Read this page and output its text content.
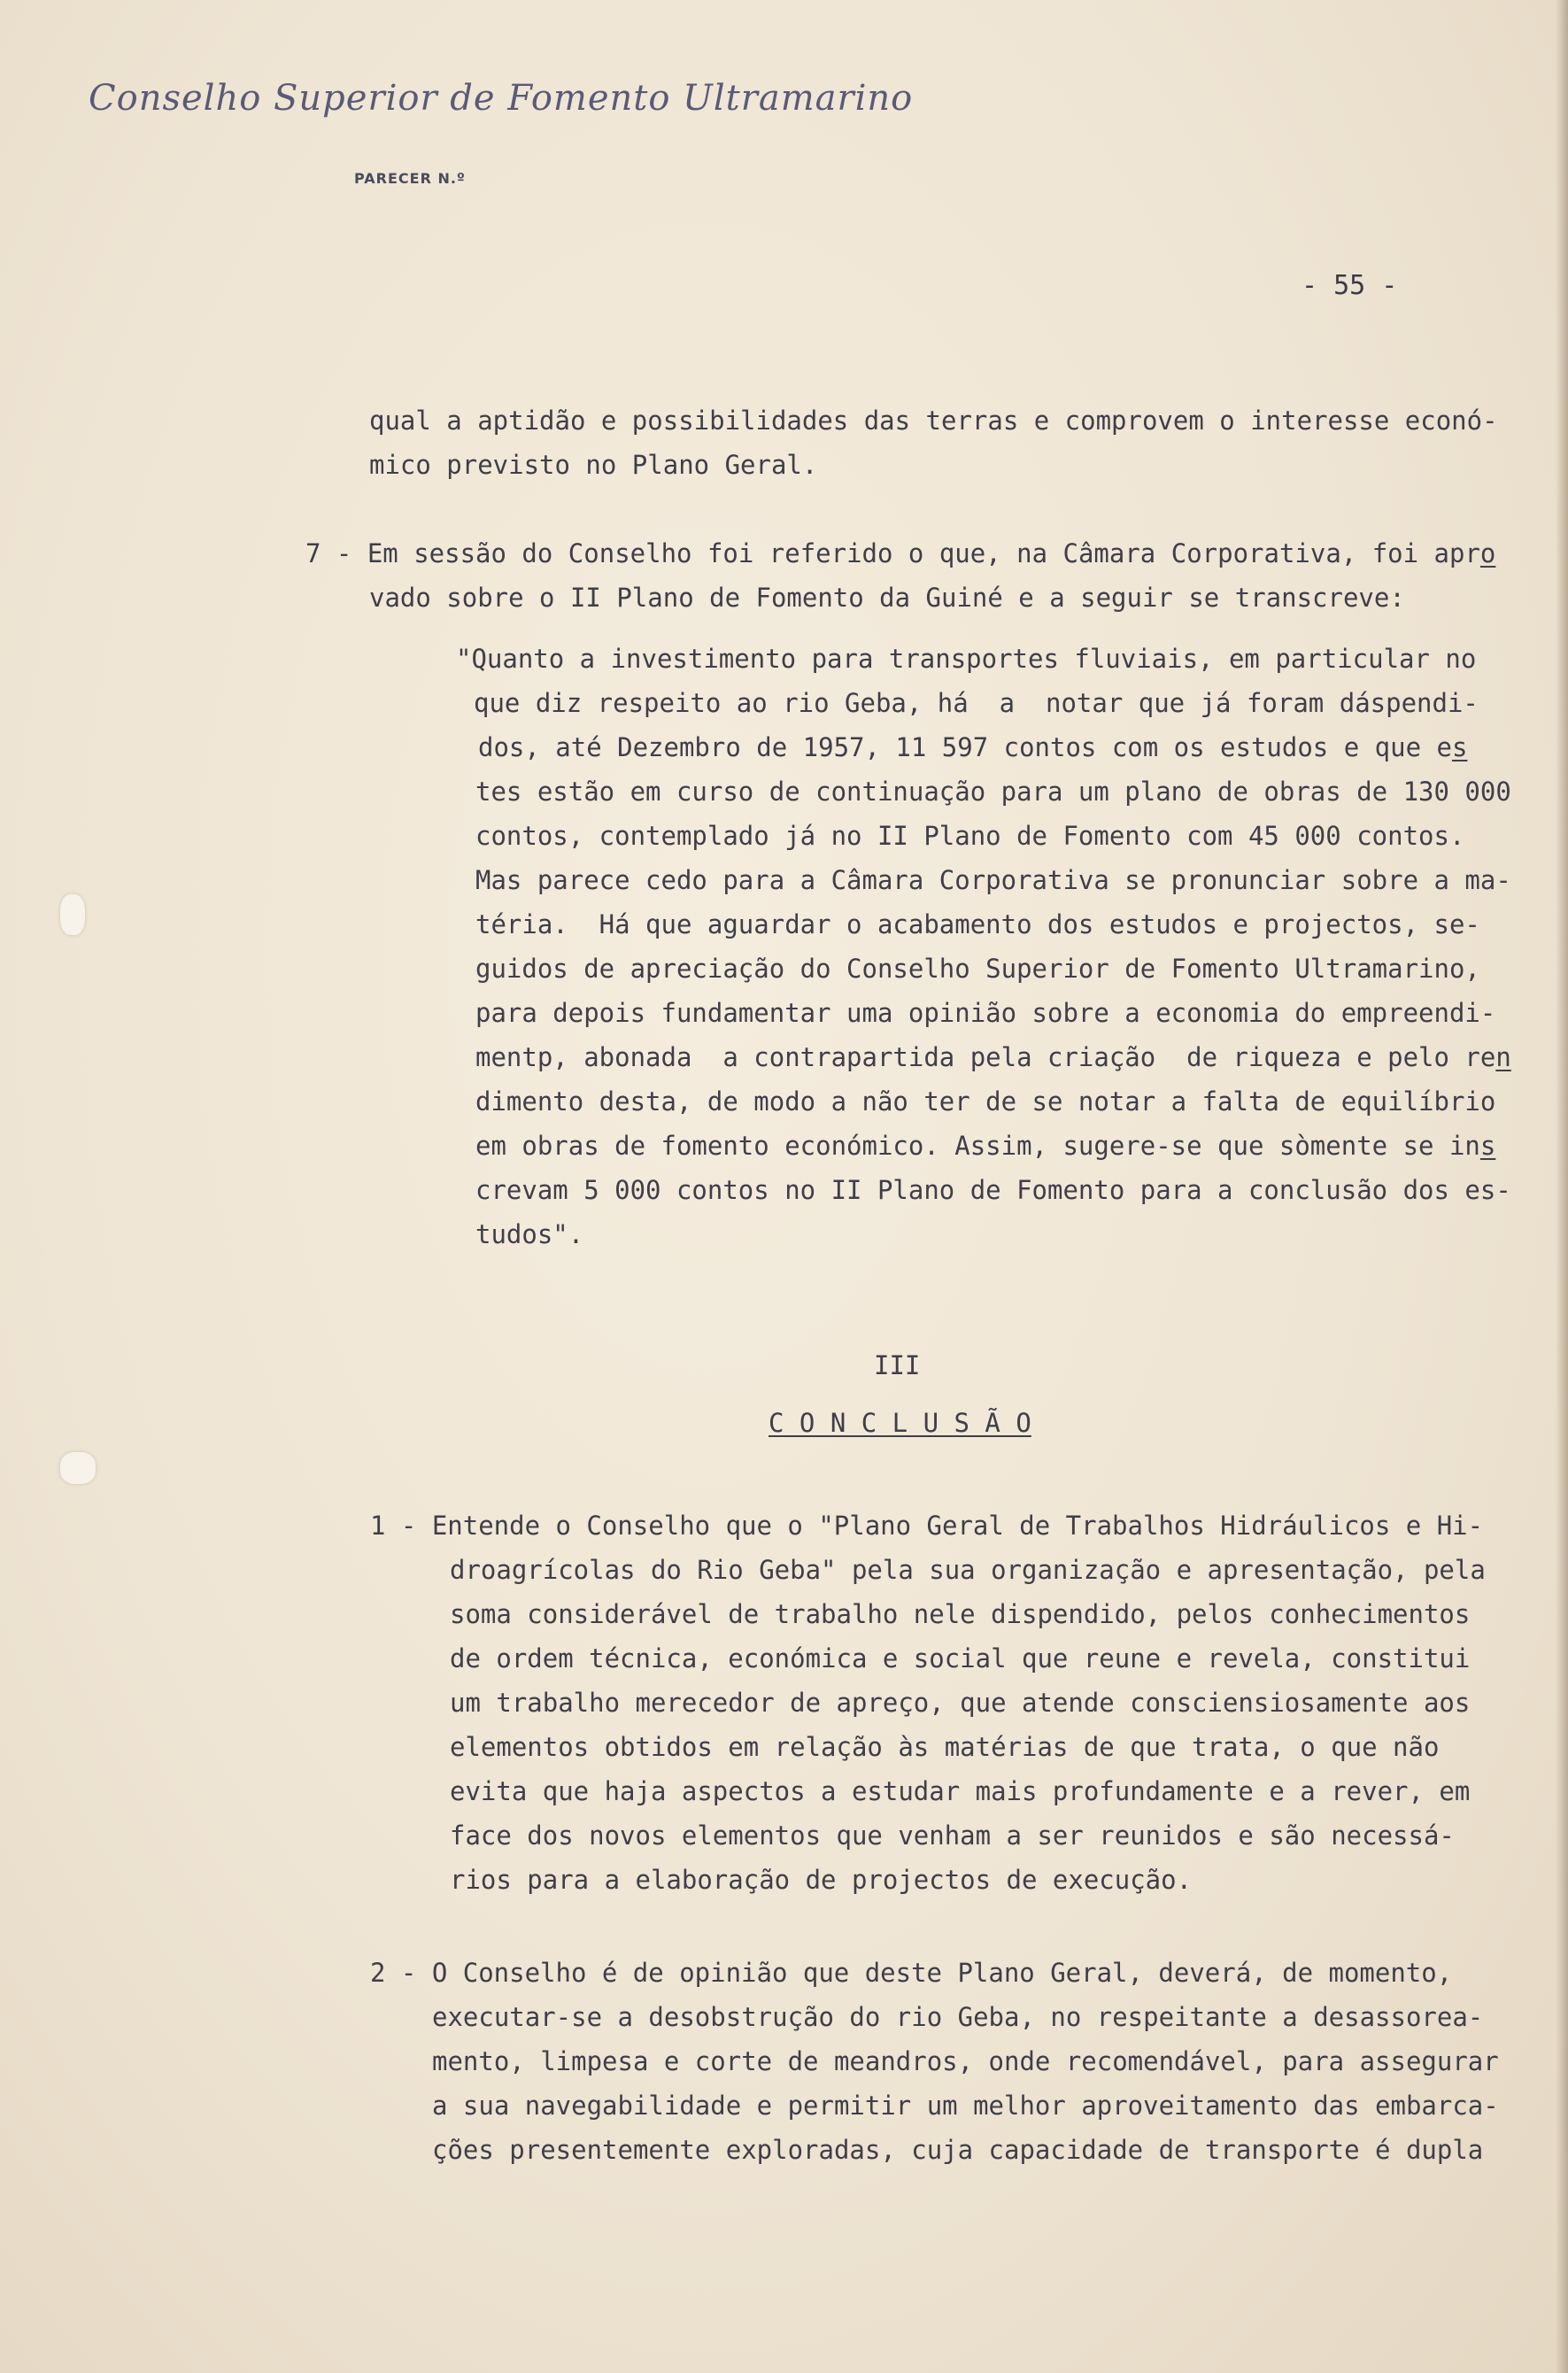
Conselho Superior de Fomento Ultramarino
PARECER N.º
- 55 -
qual a aptidão e possibilidades das terras e comprovem o interesse econó-
mico previsto no Plano Geral.
7 - Em sessão do Conselho foi referido o que, na Câmara Corporativa, foi apro
vado sobre o II Plano de Fomento da Guiné e a seguir se transcreve:
"Quanto a investimento para transportes fluviais, em particular no
que diz respeito ao rio Geba, há  a  notar que já foram dáspendi-
dos, até Dezembro de 1957, 11 597 contos com os estudos e que es
tes estão em curso de continuação para um plano de obras de 130 000
contos, contemplado já no II Plano de Fomento com 45 000 contos.
Mas parece cedo para a Câmara Corporativa se pronunciar sobre a ma-
téria.  Há que aguardar o acabamento dos estudos e projectos, se-
guidos de apreciação do Conselho Superior de Fomento Ultramarino,
para depois fundamentar uma opinião sobre a economia do empreendi-
mentp, abonada  a contrapartida pela criação  de riqueza e pelo ren
dimento desta, de modo a não ter de se notar a falta de equilíbrio
em obras de fomento económico. Assim, sugere-se que sòmente se ins
crevam 5 000 contos no II Plano de Fomento para a conclusão dos es-
tudos".
III
C O N C L U S Ã O
1 - Entende o Conselho que o "Plano Geral de Trabalhos Hidráulicos e Hi-
droagrícolas do Rio Geba" pela sua organização e apresentação, pela
soma considerável de trabalho nele dispendido, pelos conhecimentos
de ordem técnica, económica e social que reune e revela, constitui
um trabalho merecedor de apreço, que atende consciensiosamente aos
elementos obtidos em relação às matérias de que trata, o que não
evita que haja aspectos a estudar mais profundamente e a rever, em
face dos novos elementos que venham a ser reunidos e são necessá-
rios para a elaboração de projectos de execução.
2 - O Conselho é de opinião que deste Plano Geral, deverá, de momento,
executar-se a desobstrução do rio Geba, no respeitante a desassorea-
mento, limpesa e corte de meandros, onde recomendável, para assegurar
a sua navegabilidade e permitir um melhor aproveitamento das embarca-
ções presentemente exploradas, cuja capacidade de transporte é dupla
